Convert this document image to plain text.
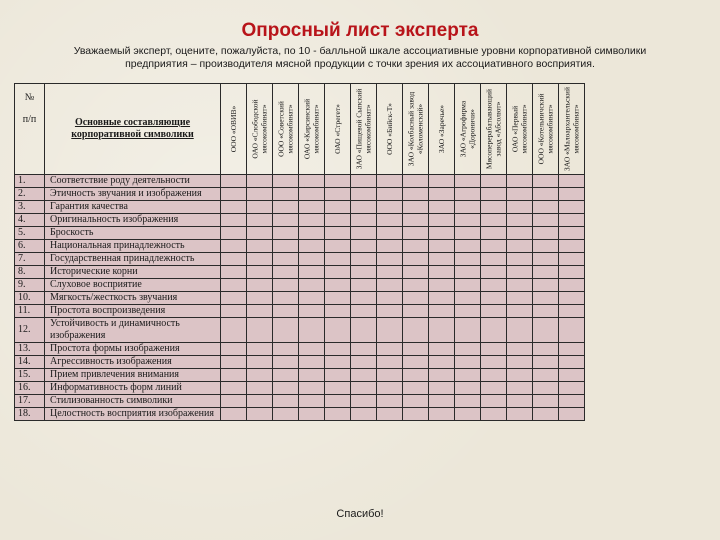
Опросный лист эксперта
Уважаемый эксперт, оцените, пожалуйста, по 10 - балльной шкале ассоциативные уровни корпоративной символики
предприятия – производителя мясной продукции с точки зрения их ассоциативного восприятия.
№
п/п	Основные составляющие корпоративной символики	ООО «ОВИВ»	ОАО «Слободской мясокомбинат»	ООО «Советский мясокомбинат»	ОАО «Кирсинский мясокомбинат»	ОАО «Стрегет»	ЗАО «Пищевой Сыпский мясокомбинат»	ООО «Бийск-Т»	ЗАО «Колбасный завод «Коломенский»	ЗАО «Заречье»	ЗАО «Агрофирма «Дороничи»	Мясоперерабатывающий завод «Абсолют»	ОАО «Первый мясокомбинат»	ООО «Котельничский мясокомбинат»	ЗАО «Малоархангельский мясокомбинат»

1.	Соответствие роду деятельности														
2.	Этичность звучания и изображения														
3.	Гарантия качества														
4.	Оригинальность изображения														
5.	Броскость														
6.	Национальная принадлежность														
7.	Государственная принадлежность														
8.	Исторические корни														
9.	Слуховое восприятие														
10.	Мягкость/жесткость звучания														
11.	Простота воспроизведения														
12.	Устойчивость и динамичность изображения														
13.	Простота формы изображения														
14.	Агрессивность изображения														
15.	Прием привлечения внимания														
16.	Информативность форм линий														
17.	Стилизованность символики														
18.	Целостность восприятия изображения														
Спасибо!
